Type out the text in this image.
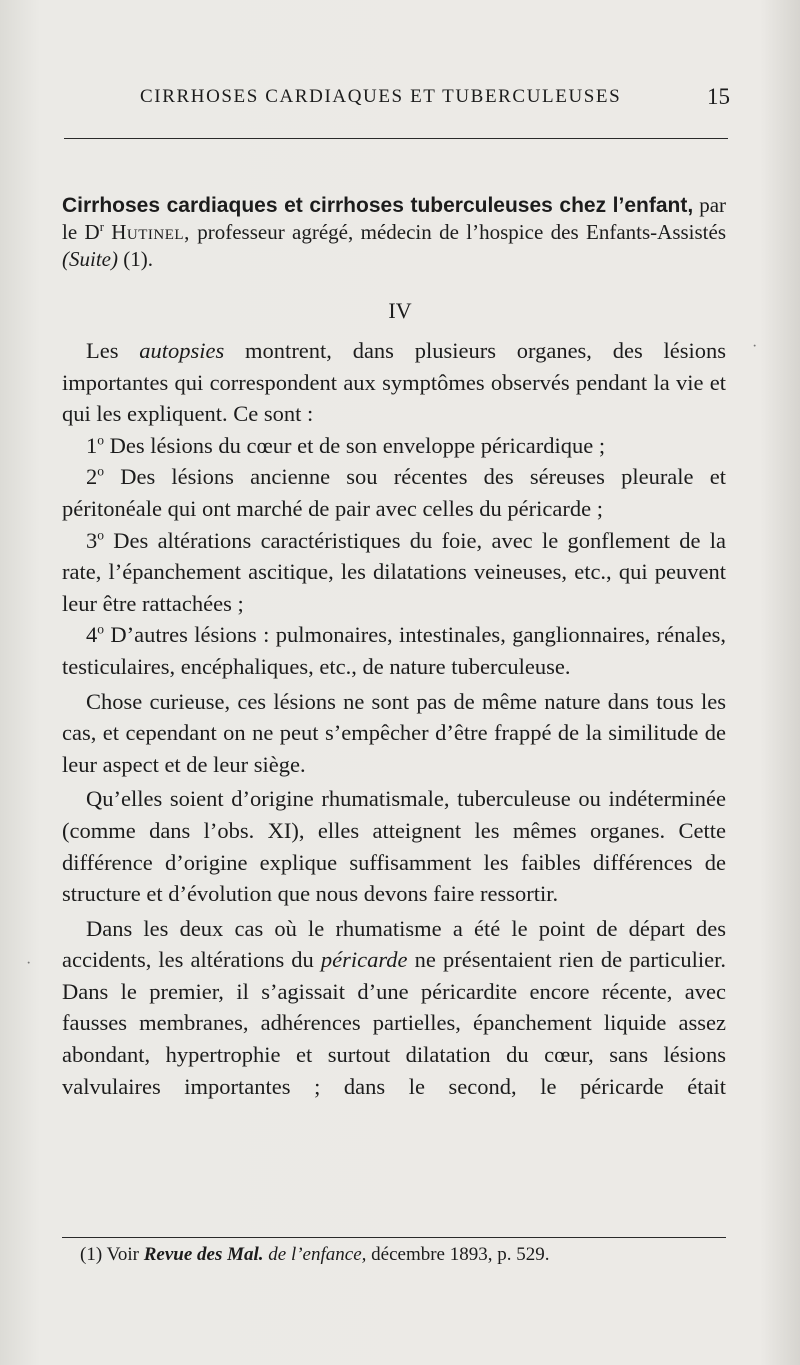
CIRRHOSES CARDIAQUES ET TUBERCULEUSES	15
Cirrhoses cardiaques et cirrhoses tuberculeuses chez l’enfant, par le $D^r$ Hutinel, professeur agrégé, médecin de l’hospice des Enfants-Assistés (Suite) (1).
IV

Les autopsies montrent, dans plusieurs organes, des lésions importantes qui correspondent aux symptômes observés pendant la vie et qui les expliquent. Ce sont :

1$^o$ Des lésions du cœur et de son enveloppe péricardique ;

2$^o$ Des lésions ancienne sou récentes des séreuses pleurale et péritonéale qui ont marché de pair avec celles du péricarde ;

3$^o$ Des altérations caractéristiques du foie, avec le gonflement de la rate, l’épanchement ascitique, les dilatations veineuses, etc., qui peuvent leur être rattachées ;

4$^o$ D’autres lésions : pulmonaires, intestinales, ganglionnaires, rénales, testiculaires, encéphaliques, etc., de nature tuberculeuse.

Chose curieuse, ces lésions ne sont pas de même nature dans tous les cas, et cependant on ne peut s’empêcher d’être frappé de la similitude de leur aspect et de leur siège.

Qu’elles soient d’origine rhumatismale, tuberculeuse ou indéterminée (comme dans l’obs. XI), elles atteignent les mêmes organes. Cette différence d’origine explique suffisamment les faibles différences de structure et d’évolution que nous devons faire ressortir.

Dans les deux cas où le rhumatisme a été le point de départ des accidents, les altérations du péricarde ne présentaient rien de particulier. Dans le premier, il s’agissait d’une péricardite encore récente, avec fausses membranes, adhérences partielles, épanchement liquide assez abondant, hypertrophie et surtout dilatation du cœur, sans lésions valvulaires importantes ; dans le second, le péricarde était

(1) Voir Revue des Mal. de l’enfance, décembre 1893, p. 529.
·
·
